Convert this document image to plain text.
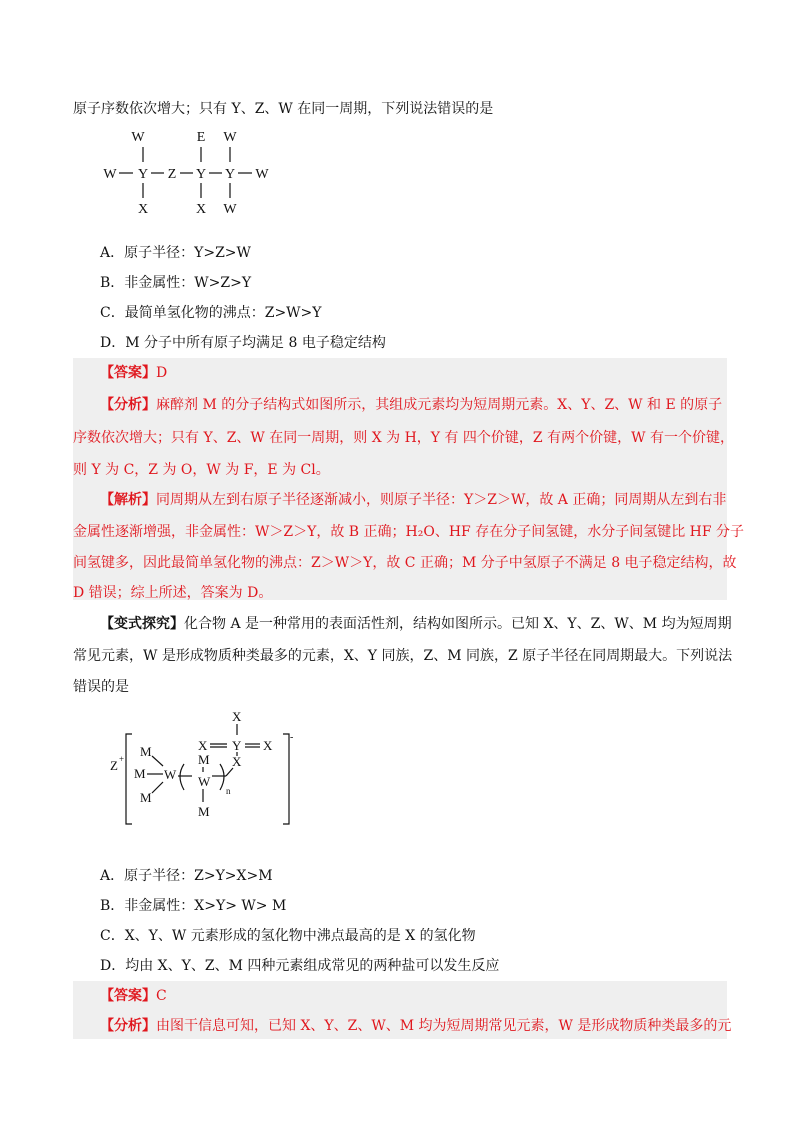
原子序数依次增大；只有 Y、Z、W 在同一周期，下列说法错误的是
W	E W
W Y Z Y Y W
X	X W
A．原子半径：Y>Z>W
B．非金属性：W>Z>Y
C．最简单氢化物的沸点：Z>W>Y
D．M 分子中所有原子均满足 8 电子稳定结构
【答案】D
【分析】麻醉剂 M 的分子结构式如图所示，其组成元素均为短周期元素。X、Y、Z、W 和 E 的原子
序数依次增大；只有 Y、Z、W 在同一周期，则 X 为 H，Y 有 四个价键，Z 有两个价键，W 有一个价键，
则 Y 为 C，Z 为 O，W 为 F，E 为 Cl。
【解析】同周期从左到右原子半径逐渐减小，则原子半径：Y＞Z＞W，故 A 正确；同周期从左到右非
金属性逐渐增强，非金属性：W＞Z＞Y，故 B 正确；H₂O、HF 存在分子间氢键，水分子间氢键比 HF 分子
间氢键多，因此最简单氢化物的沸点：Z＞W＞Y，故 C 正确；M 分子中氢原子不满足 8 电子稳定结构，故
D 错误；综上所述，答案为 D。
【变式探究】化合物 A 是一种常用的表面活性剂，结构如图所示。已知 X、Y、Z、W、M 均为短周期
常见元素，W 是形成物质种类最多的元素，X、Y 同族，Z、M 同族，Z 原子半径在同周期最大。下列说法
错误的是
Z +
-
M
M W
M
M
W
M
n
X
X Y X
X
A．原子半径：Z>Y>X>M
B．非金属性：X>Y> W> M
C．X、Y、W 元素形成的氢化物中沸点最高的是 X 的氢化物
D．均由 X、Y、Z、M 四种元素组成常见的两种盐可以发生反应
【答案】C
【分析】由图干信息可知，已知 X、Y、Z、W、M 均为短周期常见元素，W 是形成物质种类最多的元
